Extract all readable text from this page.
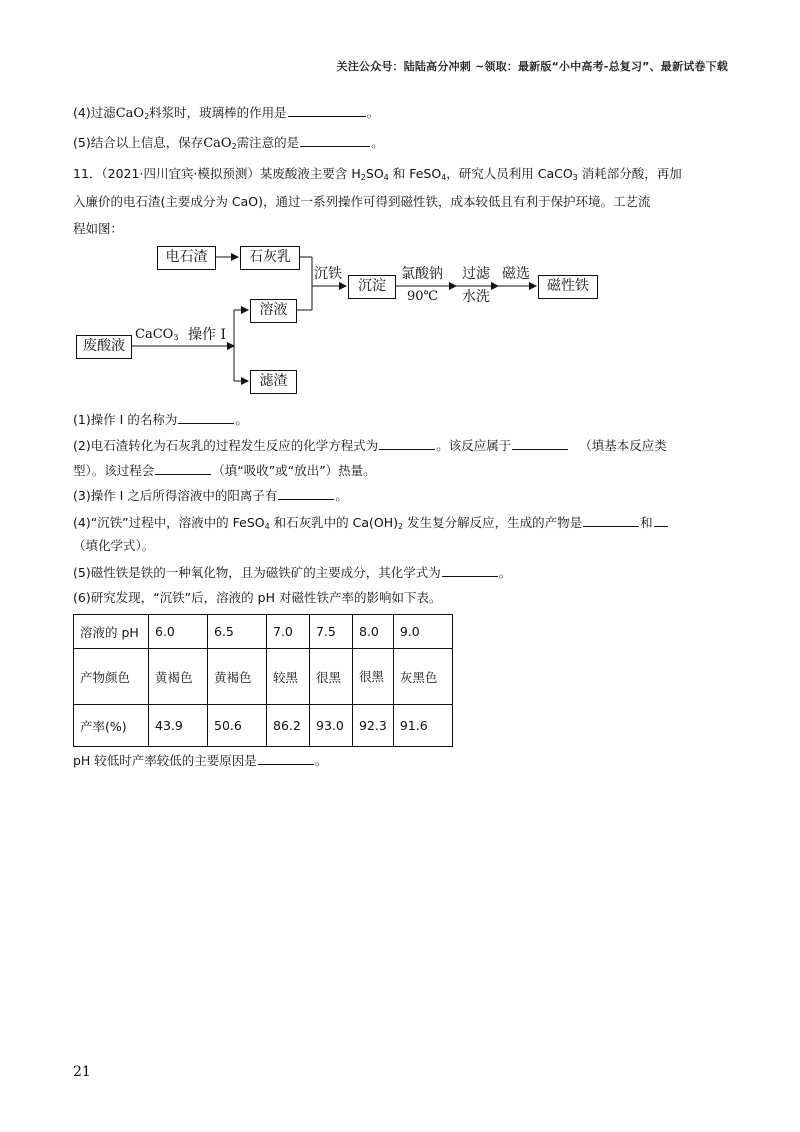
关注公众号：陆陆高分冲刺 ~领取：最新版“小中高考-总复习”、最新试卷下载
(4)过滤CaO$_2$料浆时，玻璃棒的作用是	。
(5)结合以上信息，保存CaO$_2$需注意的是	。
11．（2021·四川宜宾·模拟预测）某废酸液主要含 $H_2SO_4$ 和 FeSO$_4$，研究人员利用 CaCO$_3$ 消耗部分酸，再加
入廉价的电石渣(主要成分为 CaO)，通过一系列操作可得到磁性铁，成本较低且有利于保护环境。工艺流
程如图：
电石渣	石灰乳
溶液
滤渣
废酸液
沉淀	磁性铁
CaCO$_3$ 操作 I
沉铁	氯酸钠
90℃
过滤
水洗
磁选
(1)操作 I 的名称为	。
(2)电石渣转化为石灰乳的过程发生反应的化学方程式为	。该反应属于	（填基本反应类
型）。该过程会	（填“吸收”或“放出”）热量。
(3)操作 I 之后所得溶液中的阳离子有	。
(4)“沉铁”过程中，溶液中的 FeSO$_4$ 和石灰乳中的 $Ca(OH)_2$ 发生复分解反应，生成的产物是	和
（填化学式）。
(5)磁性铁是铁的一种氧化物，且为磁铁矿的主要成分，其化学式为	。
(6)研究发现，“沉铁”后，溶液的 pH 对磁性铁产率的影响如下表。
溶液的 pH	6.0	6.5	7.0	7.5	8.0	9.0
产物颜色	黄褐色	黄褐色	较黑	很黑	很黑	灰黑色
产率(%)	43.9	50.6	86.2	93.0	92.3	91.6
pH 较低时产率较低的主要原因是	。
21
